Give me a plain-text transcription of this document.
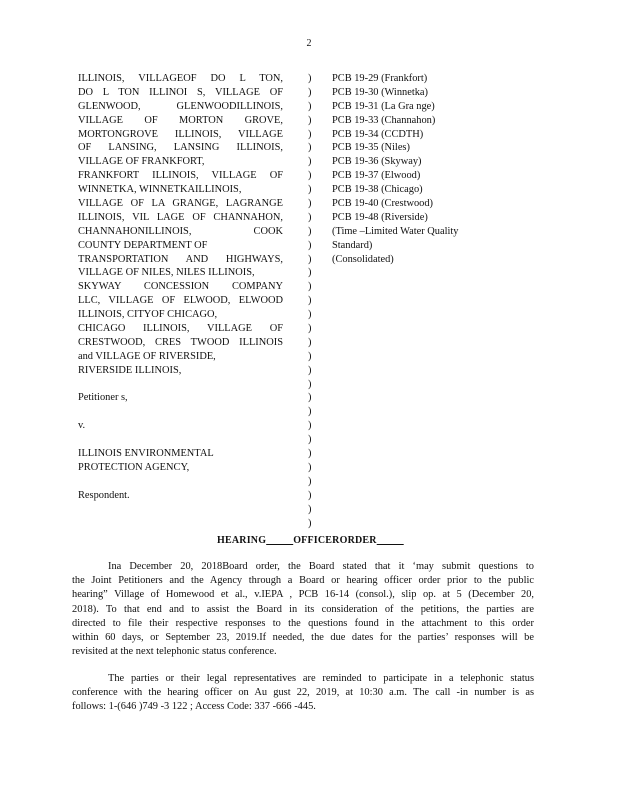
2
ILLINOIS, VILLAGEOF DO L TON,
DO L TON ILLINOI S, VILLAGE OF
GLENWOOD, GLENWOODILLINOIS,
VILLAGE OF MORTON GROVE,
MORTONGROVE ILLINOIS, VILLAGE
OF LANSING, LANSING ILLINOIS,
VILLAGE OF FRANKFORT,
FRANKFORT ILLINOIS, VILLAGE OF
WINNETKA, WINNETKAILLINOIS,
VILLAGE OF LA GRANGE, LAGRANGE
ILLINOIS, VIL LAGE OF CHANNAHON,
CHANNAHONILLINOIS, COOK
COUNTY DEPARTMENT OF
TRANSPORTATION AND HIGHWAYS,
VILLAGE OF NILES, NILES ILLINOIS,
SKYWAY CONCESSION COMPANY
LLC, VILLAGE OF ELWOOD, ELWOOD
ILLINOIS, CITYOF CHICAGO,
CHICAGO ILLINOIS, VILLAGE OF
CRESTWOOD, CRES TWOOD ILLINOIS
and VILLAGE OF RIVERSIDE,
RIVERSIDE ILLINOIS,
Petitioner s,
v.
ILLINOIS ENVIRONMENTAL
PROTECTION AGENCY,
Respondent.
)
)
)
)
)
)
)
)
)
)
)
)
)
)
)
)
)
)
)
)
)
)
)
)
)
)
)
)
)
)
)
)
)
PCB 19-29 (Frankfort)
PCB 19-30 (Winnetka)
PCB 19-31 (La Gra nge)
PCB 19-33 (Channahon)
PCB 19-34 (CCDTH)
PCB 19-35 (Niles)
PCB 19-36 (Skyway)
PCB 19-37 (Elwood)
PCB 19-38 (Chicago)
PCB 19-40 (Crestwood)
PCB 19-48 (Riverside)
(Time –Limited Water Quality
Standard)
(Consolidated)
HEARING	OFFICERORDER
Ina December 20, 2018Board order, the Board stated that it ‘may submit questions to
the Joint Petitioners and the Agency through a Board or hearing officer order prior to the public
hearing” Village of Homewood et al., v.IEPA , PCB 16-14 (consol.), slip op. at 5 (December 20,
2018). To that end and to assist the Board in its consideration of the petitions, the parties are
directed to file their respective responses to the questions found in the attachment to this order
within 60 days, or September 23, 2019.If needed, the due dates for the parties’ responses will be
revisited at the next telephonic status conference.
The parties or their legal representatives are reminded to participate in a telephonic status
conference with the hearing officer on Au gust 22, 2019, at 10:30 a.m. The call -in number is as
follows: 1-(646 )749 -3 122 ; Access Code: 337 -666 -445.
